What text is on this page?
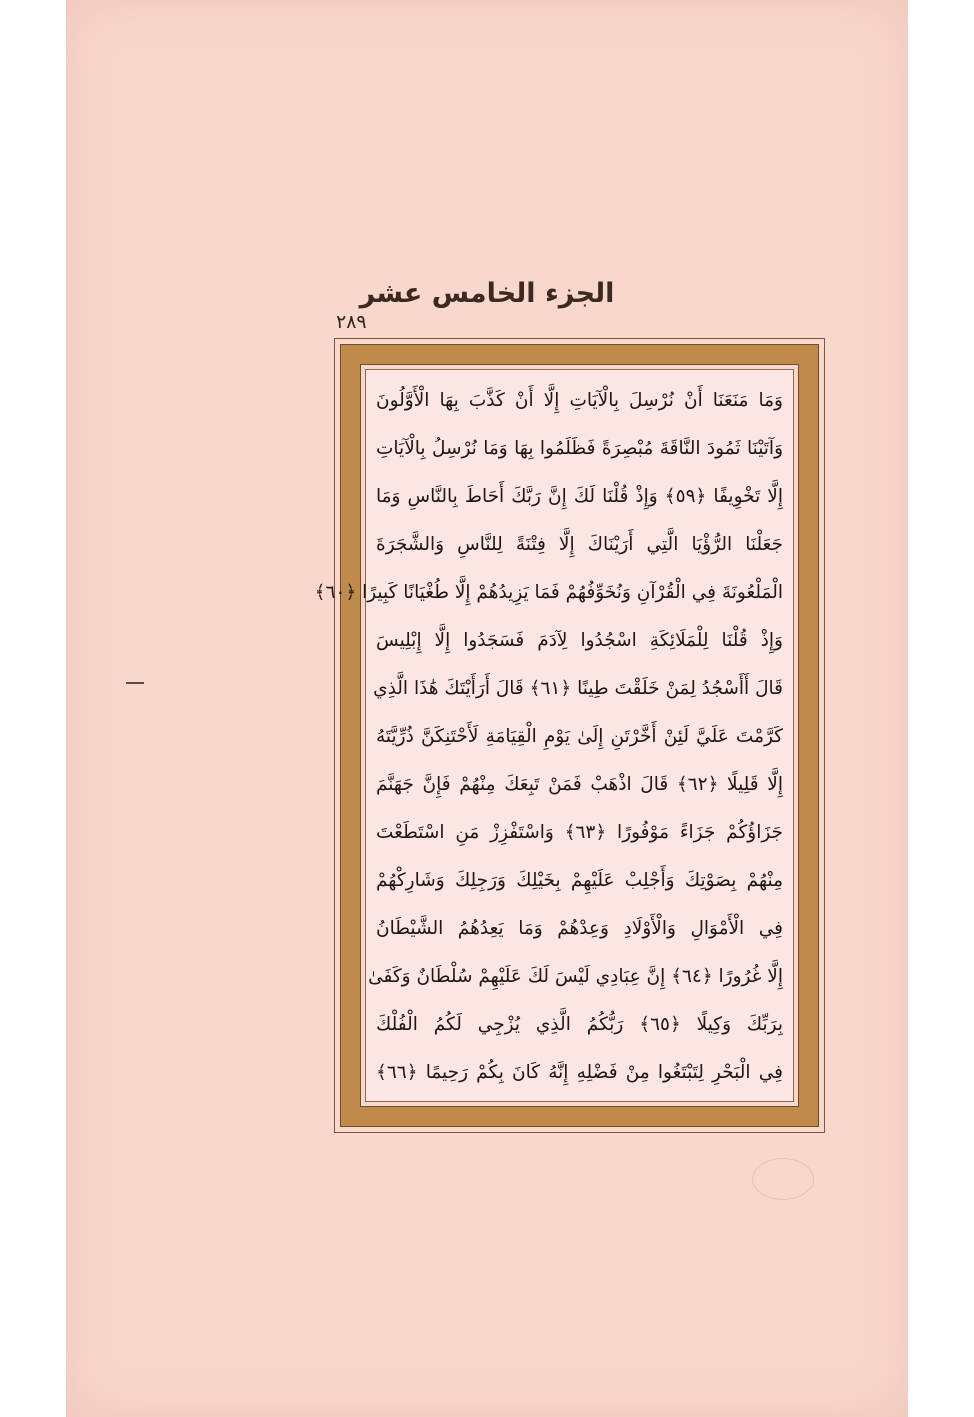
الجزء الخامس عشر
٢٨٩
وَمَا مَنَعَنَا أَنْ نُرْسِلَ بِالْآيَاتِ إِلَّا أَنْ كَذَّبَ بِهَا الْأَوَّلُونَ
وَآتَيْنَا ثَمُودَ النَّاقَةَ مُبْصِرَةً فَظَلَمُوا بِهَا وَمَا نُرْسِلُ بِالْآيَاتِ
إِلَّا تَخْوِيفًا ﴿٥٩﴾ وَإِذْ قُلْنَا لَكَ إِنَّ رَبَّكَ أَحَاطَ بِالنَّاسِ وَمَا
جَعَلْنَا الرُّؤْيَا الَّتِي أَرَيْنَاكَ إِلَّا فِتْنَةً لِلنَّاسِ وَالشَّجَرَةَ
الْمَلْعُونَةَ فِي الْقُرْآنِ وَنُخَوِّفُهُمْ فَمَا يَزِيدُهُمْ إِلَّا طُغْيَانًا كَبِيرًا ﴿٦٠﴾
وَإِذْ قُلْنَا لِلْمَلَائِكَةِ اسْجُدُوا لِآدَمَ فَسَجَدُوا إِلَّا إِبْلِيسَ
قَالَ أَأَسْجُدُ لِمَنْ خَلَقْتَ طِينًا ﴿٦١﴾ قَالَ أَرَأَيْتَكَ هَٰذَا الَّذِي
كَرَّمْتَ عَلَيَّ لَئِنْ أَخَّرْتَنِ إِلَىٰ يَوْمِ الْقِيَامَةِ لَأَحْتَنِكَنَّ ذُرِّيَّتَهُ
إِلَّا قَلِيلًا ﴿٦٢﴾ قَالَ اذْهَبْ فَمَنْ تَبِعَكَ مِنْهُمْ فَإِنَّ جَهَنَّمَ
جَزَاؤُكُمْ جَزَاءً مَوْفُورًا ﴿٦٣﴾ وَاسْتَفْزِزْ مَنِ اسْتَطَعْتَ
مِنْهُمْ بِصَوْتِكَ وَأَجْلِبْ عَلَيْهِمْ بِخَيْلِكَ وَرَجِلِكَ وَشَارِكْهُمْ
فِي الْأَمْوَالِ وَالْأَوْلَادِ وَعِدْهُمْ وَمَا يَعِدُهُمُ الشَّيْطَانُ
إِلَّا غُرُورًا ﴿٦٤﴾ إِنَّ عِبَادِي لَيْسَ لَكَ عَلَيْهِمْ سُلْطَانٌ وَكَفَىٰ
بِرَبِّكَ وَكِيلًا ﴿٦٥﴾ رَبُّكُمُ الَّذِي يُزْجِي لَكُمُ الْفُلْكَ
فِي الْبَحْرِ لِتَبْتَغُوا مِنْ فَضْلِهِ إِنَّهُ كَانَ بِكُمْ رَحِيمًا ﴿٦٦﴾
